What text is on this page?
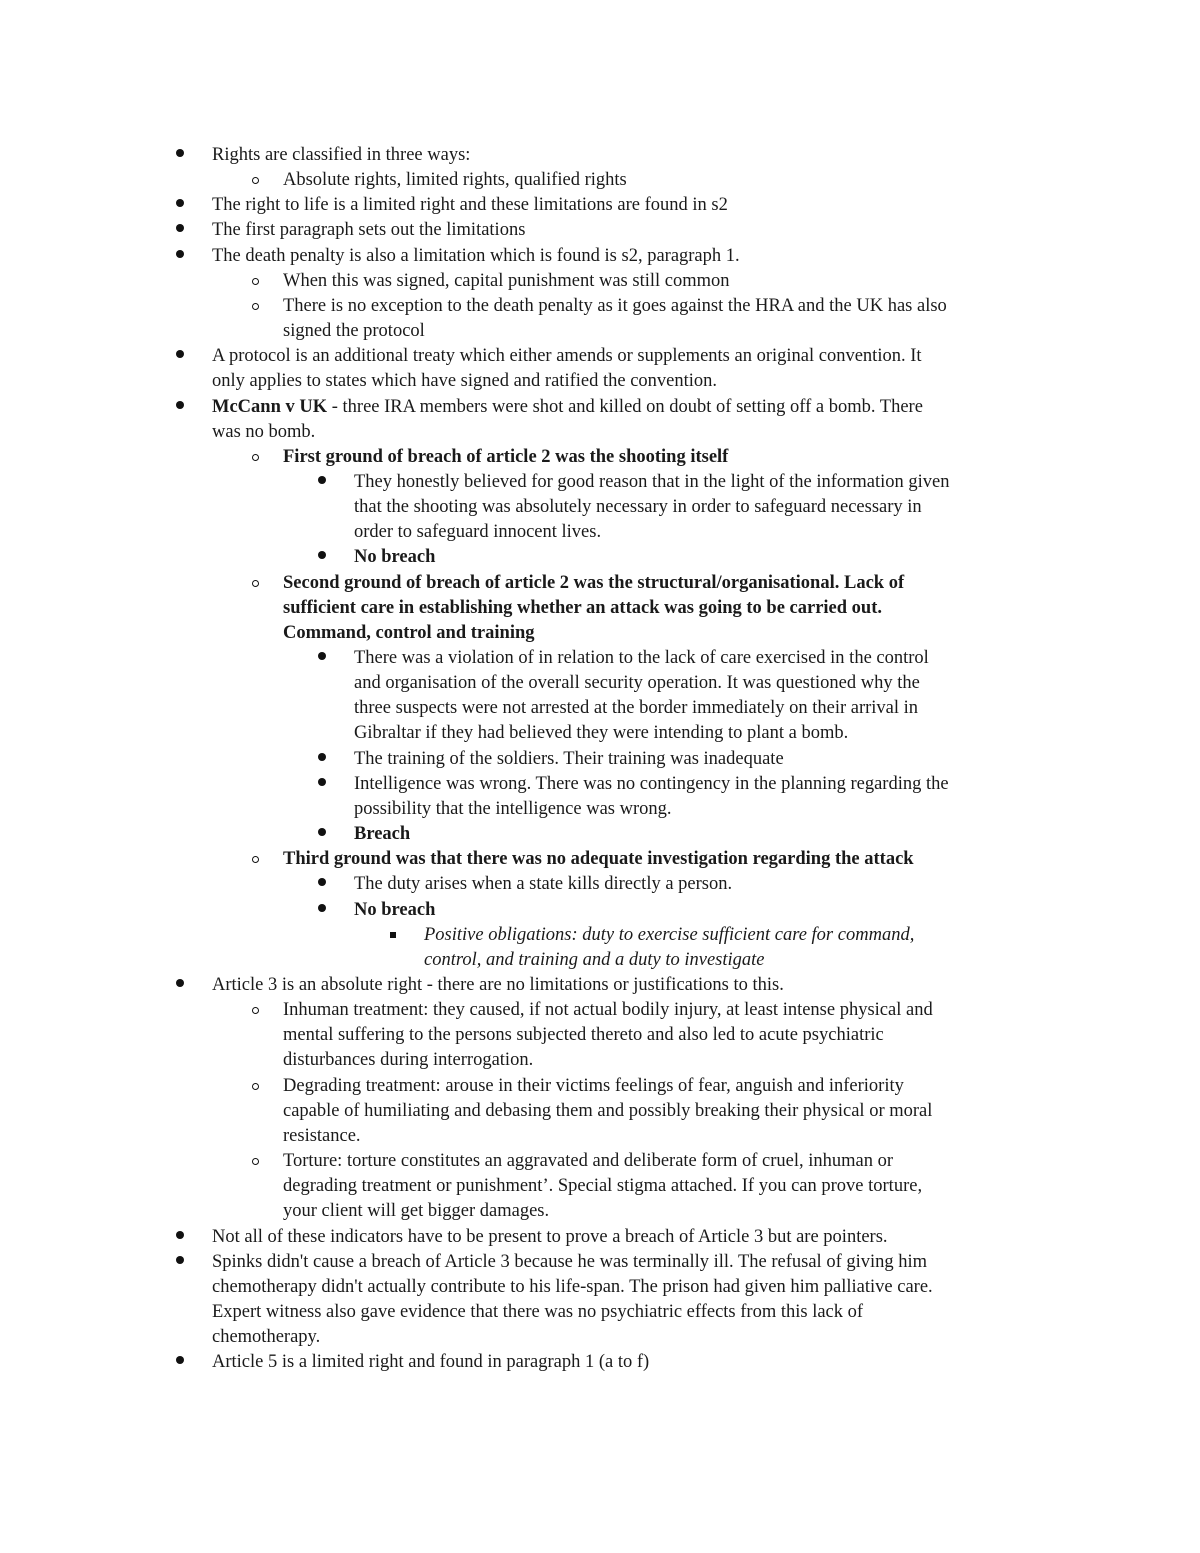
Rights are classified in three ways:
Absolute rights, limited rights, qualified rights
The right to life is a limited right and these limitations are found in s2
The first paragraph sets out the limitations
The death penalty is also a limitation which is found is s2, paragraph 1.
When this was signed, capital punishment was still common
There is no exception to the death penalty as it goes against the HRA and the UK has also
signed the protocol
A protocol is an additional treaty which either amends or supplements an original convention. It
only applies to states which have signed and ratified the convention.
McCann v UK - three IRA members were shot and killed on doubt of setting off a bomb. There
was no bomb.
First ground of breach of article 2 was the shooting itself
They honestly believed for good reason that in the light of the information given
that the shooting was absolutely necessary in order to safeguard necessary in
order to safeguard innocent lives.
No breach
Second ground of breach of article 2 was the structural/organisational. Lack of
sufficient care in establishing whether an attack was going to be carried out.
Command, control and training
There was a violation of in relation to the lack of care exercised in the control
and organisation of the overall security operation. It was questioned why the
three suspects were not arrested at the border immediately on their arrival in
Gibraltar if they had believed they were intending to plant a bomb.
The training of the soldiers. Their training was inadequate
Intelligence was wrong. There was no contingency in the planning regarding the
possibility that the intelligence was wrong.
Breach
Third ground was that there was no adequate investigation regarding the attack
The duty arises when a state kills directly a person.
No breach
Positive obligations: duty to exercise sufficient care for command,
control, and training and a duty to investigate
Article 3 is an absolute right - there are no limitations or justifications to this.
Inhuman treatment: they caused, if not actual bodily injury, at least intense physical and
mental suffering to the persons subjected thereto and also led to acute psychiatric
disturbances during interrogation.
Degrading treatment: arouse in their victims feelings of fear, anguish and inferiority
capable of humiliating and debasing them and possibly breaking their physical or moral
resistance.
Torture: torture constitutes an aggravated and deliberate form of cruel, inhuman or
degrading treatment or punishment’. Special stigma attached. If you can prove torture,
your client will get bigger damages.
Not all of these indicators have to be present to prove a breach of Article 3 but are pointers.
Spinks didn't cause a breach of Article 3 because he was terminally ill. The refusal of giving him
chemotherapy didn't actually contribute to his life-span. The prison had given him palliative care.
Expert witness also gave evidence that there was no psychiatric effects from this lack of
chemotherapy.
Article 5 is a limited right and found in paragraph 1 (a to f)
